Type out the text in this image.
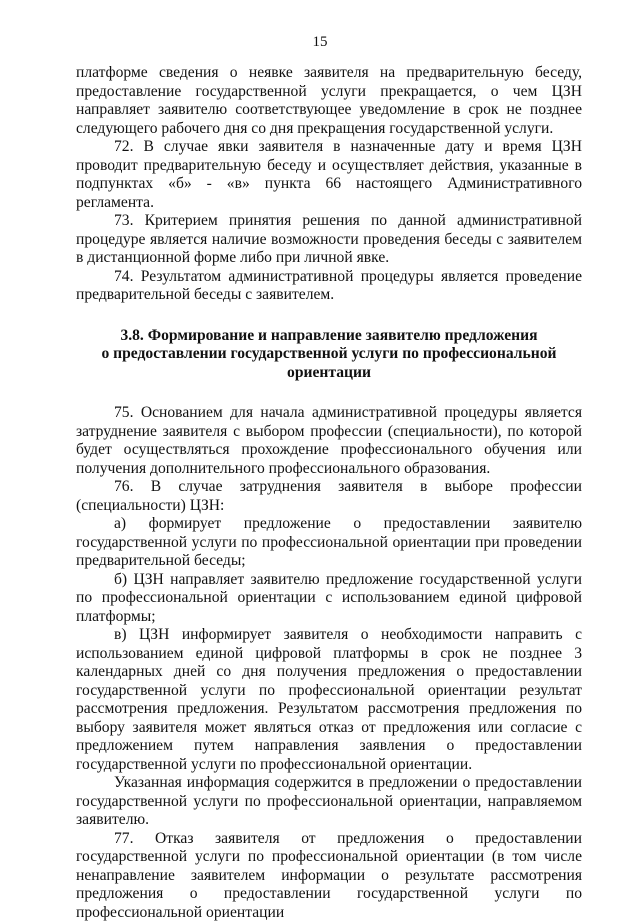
15

платформе сведения о неявке заявителя на предварительную беседу, предоставление государственной услуги прекращается, о чем ЦЗН направляет заявителю соответствующее уведомление в срок не позднее следующего рабочего дня со дня прекращения государственной услуги.

72. В случае явки заявителя в назначенные дату и время ЦЗН проводит предварительную беседу и осуществляет действия, указанные в подпунктах «б» - «в» пункта 66 настоящего Административного регламента.

73. Критерием принятия решения по данной административной процедуре является наличие возможности проведения беседы с заявителем в дистанционной форме либо при личной явке.

74. Результатом административной процедуры является проведение предварительной беседы с заявителем.

3.8. Формирование и направление заявителю предложения
о предоставлении государственной услуги по профессиональной
ориентации

75. Основанием для начала административной процедуры является затруднение заявителя с выбором профессии (специальности), по которой будет осуществляться прохождение профессионального обучения или получения дополнительного профессионального образования.

76. В случае затруднения заявителя в выборе профессии (специальности) ЦЗН:

а) формирует предложение о предоставлении заявителю государственной услуги по профессиональной ориентации при проведении предварительной беседы;

б) ЦЗН направляет заявителю предложение государственной услуги по профессиональной ориентации с использованием единой цифровой платформы;

в) ЦЗН информирует заявителя о необходимости направить с использованием единой цифровой платформы в срок не позднее 3 календарных дней со дня получения предложения о предоставлении государственной услуги по профессиональной ориентации результат рассмотрения предложения. Результатом рассмотрения предложения по выбору заявителя может являться отказ от предложения или согласие с предложением путем направления заявления о предоставлении государственной услуги по профессиональной ориентации.

Указанная информация содержится в предложении о предоставлении государственной услуги по профессиональной ориентации, направляемом заявителю.

77. Отказ заявителя от предложения о предоставлении государственной услуги по профессиональной ориентации (в том числе ненаправление заявителем информации о результате рассмотрения предложения о предоставлении государственной услуги по профессиональной ориентации
